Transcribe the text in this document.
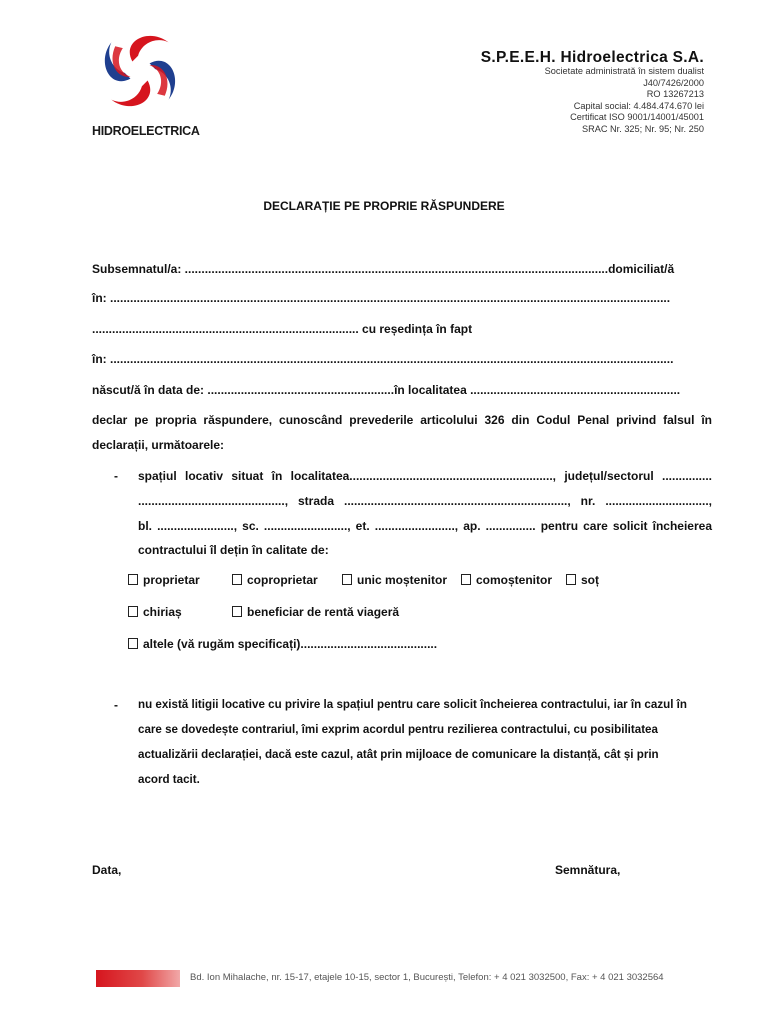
HIDROELECTRICA
S.P.E.E.H. Hidroelectrica S.A.
Societate administrată în sistem dualist
J40/7426/2000
RO 13267213
Capital social: 4.484.474.670 lei
Certificat ISO 9001/14001/45001
SRAC Nr. 325; Nr. 95; Nr. 250
DECLARAȚIE PE PROPRIE RĂSPUNDERE
Subsemnatul/a: ...............................................................................................................................domiciliat/ă
în: ........................................................................................................................................................................
................................................................................ cu reședința în fapt
în: .........................................................................................................................................................................
născut/ă în data de: ........................................................în localitatea ...............................................................
declar pe propria răspundere, cunoscând prevederile articolului 326 din Codul Penal privind falsul în
declarații, următoarele:
- spațiul locativ situat în localitatea............................................................., județul/sectorul ...............
............................................, strada ..................................................................., nr. ...............................,
bl. ......................., sc. ........................., et. ........................, ap. ............... pentru care solicit încheierea
contractului îl dețin în calitate de:
proprietar	coproprietar	unic moștenitor	comoștenitor	soț
chiriaș	beneficiar de rentă viageră
altele (vă rugăm specificați).........................................
- nu există litigii locative cu privire la spațiul pentru care solicit încheierea contractului, iar în cazul în
care se dovedește contrariul, îmi exprim acordul pentru rezilierea contractului, cu posibilitatea
actualizării declarației, dacă este cazul, atât prin mijloace de comunicare la distanță, cât și prin
acord tacit.
Data,	Semnătura,
Bd. Ion Mihalache, nr. 15-17, etajele 10-15, sector 1, București, Telefon: + 4 021 3032500, Fax: + 4 021 3032564
